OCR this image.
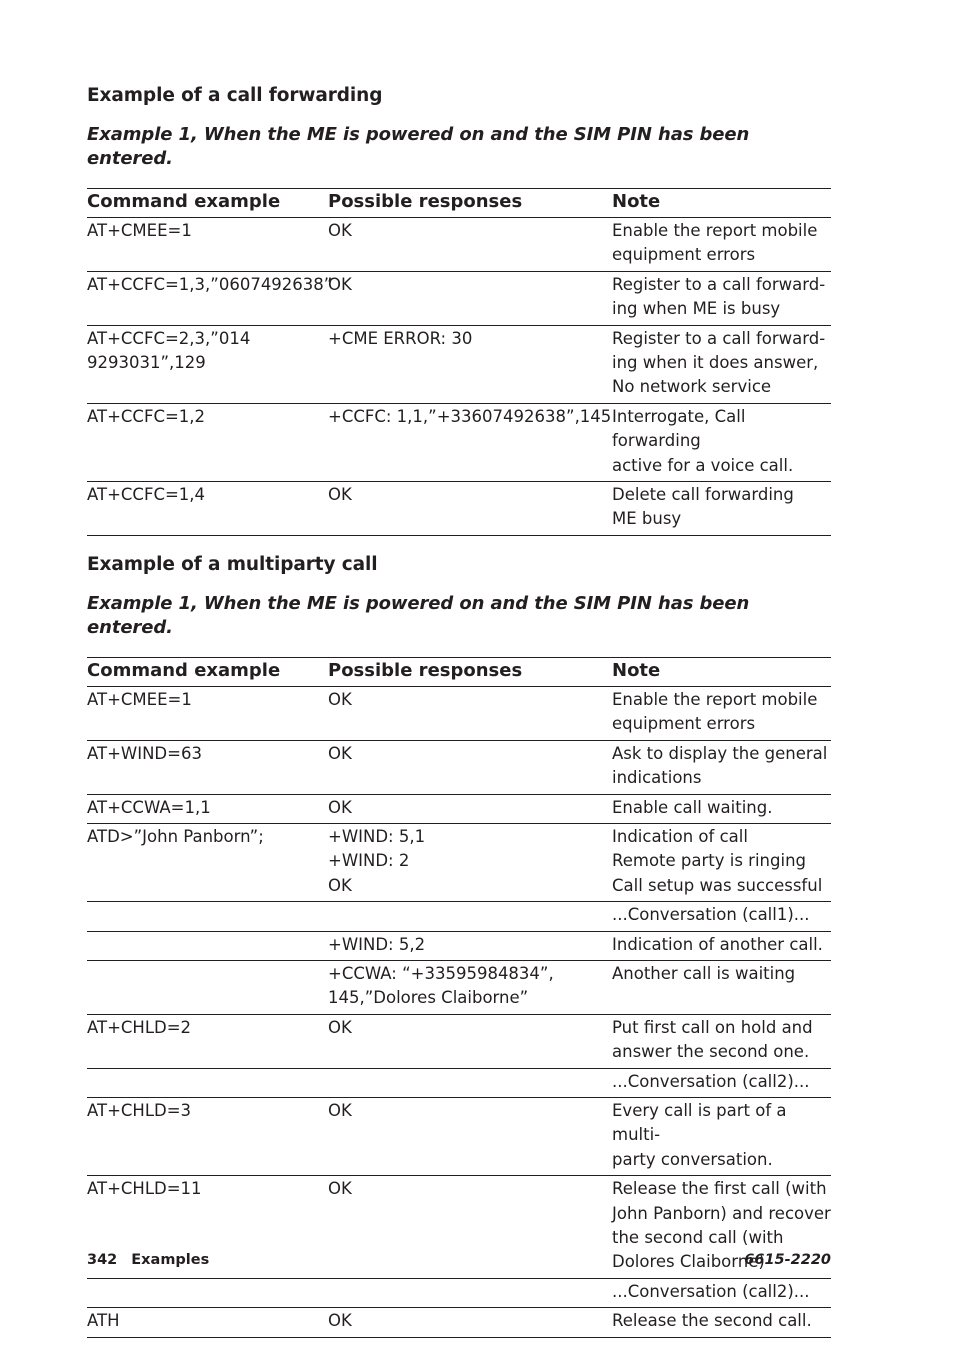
Example of a call forwarding
Example 1, When the ME is powered on and the SIM PIN has been entered.
Command example	Possible responses	Note
AT+CMEE=1	OK	Enable the report mobile
equipment errors
AT+CCFC=1,3,”0607492638”	OK	Register to a call forward-
ing when ME is busy
AT+CCFC=2,3,”014
9293031”,129	+CME ERROR: 30	Register to a call forward-
ing when it does answer,
No network service
AT+CCFC=1,2	+CCFC: 1,1,”+33607492638”,145	Interrogate, Call forwarding
active for a voice call.
AT+CCFC=1,4	OK	Delete call forwarding
ME busy
Example of a multiparty call
Example 1, When the ME is powered on and the SIM PIN has been entered.
Command example	Possible responses	Note
AT+CMEE=1	OK	Enable the report mobile
equipment errors
AT+WIND=63	OK	Ask to display the general
indications
AT+CCWA=1,1	OK	Enable call waiting.
ATD>”John Panborn”;	+WIND: 5,1
+WIND: 2
OK	Indication of call
Remote party is ringing
Call setup was successful
		...Conversation (call1)...
	+WIND: 5,2	Indication of another call.
	+CCWA: “+33595984834”,
145,”Dolores Claiborne”	Another call is waiting
AT+CHLD=2	OK	Put first call on hold and
answer the second one.
		...Conversation (call2)...
AT+CHLD=3	OK	Every call is part of a multi-
party conversation.
AT+CHLD=11	OK	Release the first call (with
John Panborn) and recover
the second call (with
Dolores Claiborne)
		...Conversation (call2)...
ATH	OK	Release the second call.
342 Examples	6615-2220
